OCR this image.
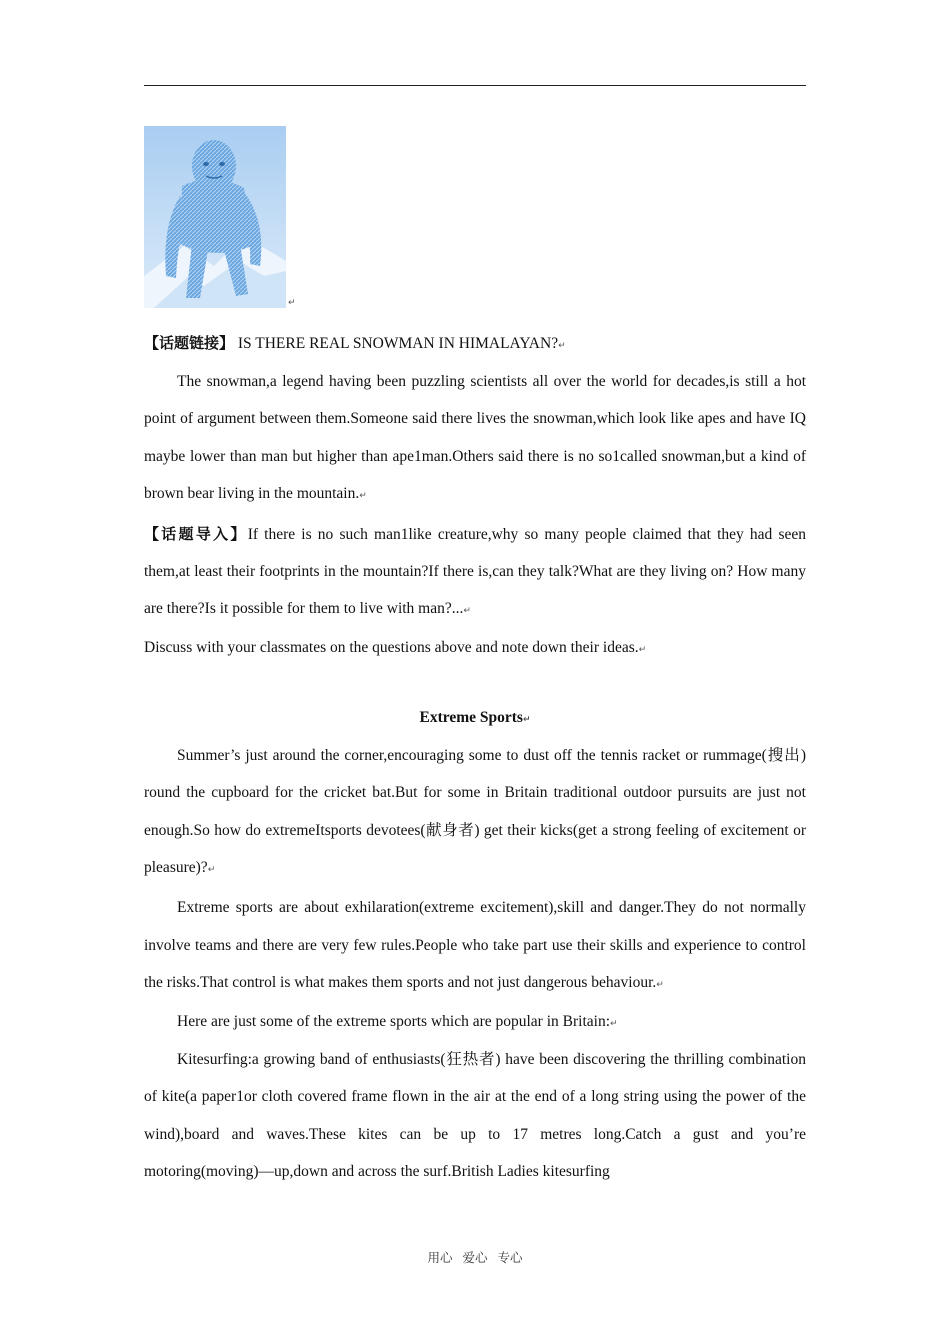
↵

【话题链接】 IS THERE REAL SNOWMAN IN HIMALAYAN?↵

The snowman,a legend having been puzzling scientists all over the world for decades,is still a hot point of argument between them.Someone said there lives the snowman,which look like apes and have IQ maybe lower than man but higher than ape1man.Others said there is no so1called snowman,but a kind of brown bear living in the mountain.↵

【话题导入】If there is no such man1like creature,why so many people claimed that they had seen them,at least their footprints in the mountain?If there is,can they talk?What are they living on? How many are there?Is it possible for them to live with man?...↵

Discuss with your classmates on the questions above and note down their ideas.↵

Extreme Sports↵

Summer’s just around the corner,encouraging some to dust off the tennis racket or rummage(搜出) round the cupboard for the cricket bat.But for some in Britain traditional outdoor pursuits are just not enough.So how do extremeItsports devotees(献身者) get their kicks(get a strong feeling of excitement or pleasure)?↵

Extreme sports are about exhilaration(extreme excitement),skill and danger.They do not normally involve teams and there are very few rules.People who take part use their skills and experience to control the risks.That control is what makes them sports and not just dangerous behaviour.↵

Here are just some of the extreme sports which are popular in Britain:↵

Kitesurfing:a growing band of enthusiasts(狂热者) have been discovering the thrilling combination of kite(a paper1or cloth covered frame flown in the air at the end of a long string using the power of the wind),board and waves.These kites can be up to 17 metres long.Catch a gust and you’re motoring(moving)—up,down and across the surf.British Ladies kitesurfing

用心 爱心 专心
